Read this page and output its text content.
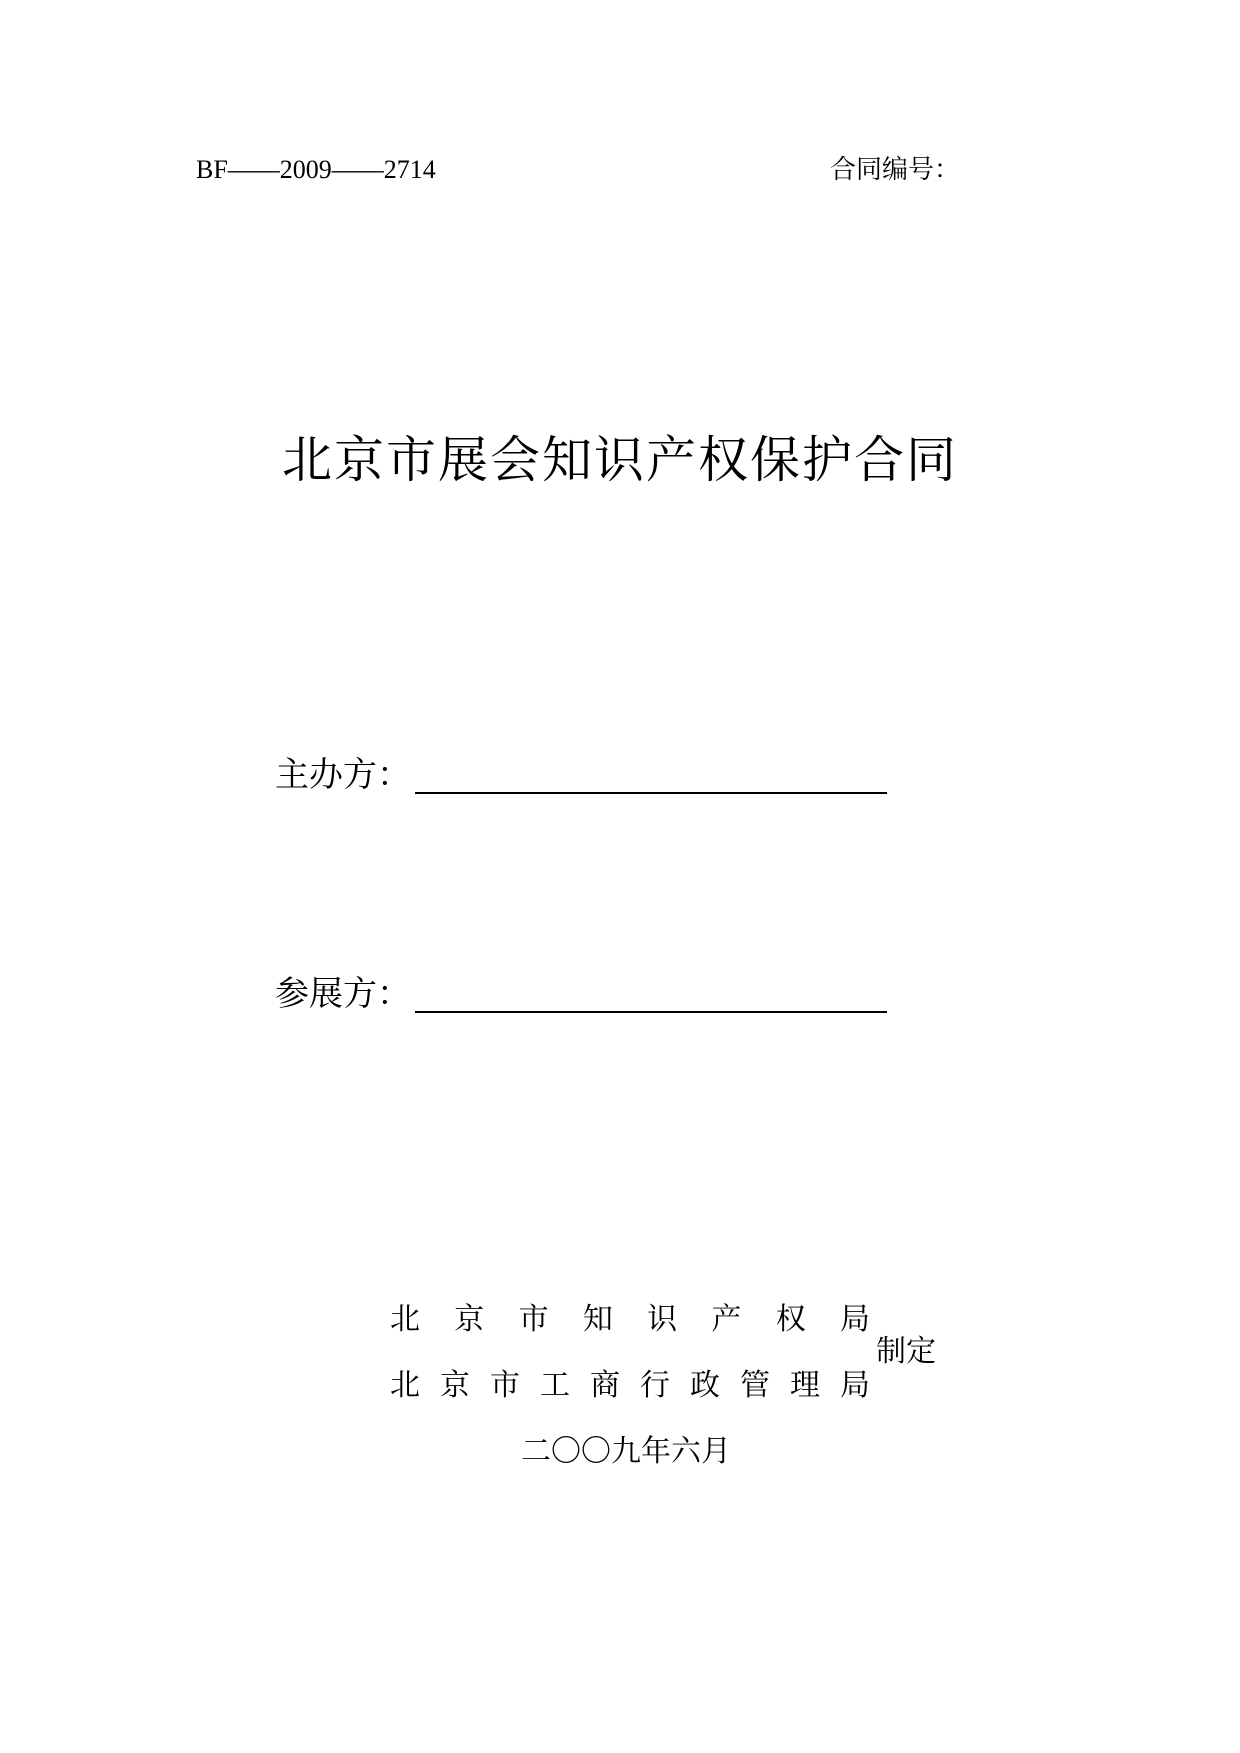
BF——2009——2714	合同编号：
北京市展会知识产权保护合同
主办方：
参展方：
北 京 市 知 识 产 权 局
北 京 市 工 商 行 政 管 理 局
制定
二〇〇九年六月
